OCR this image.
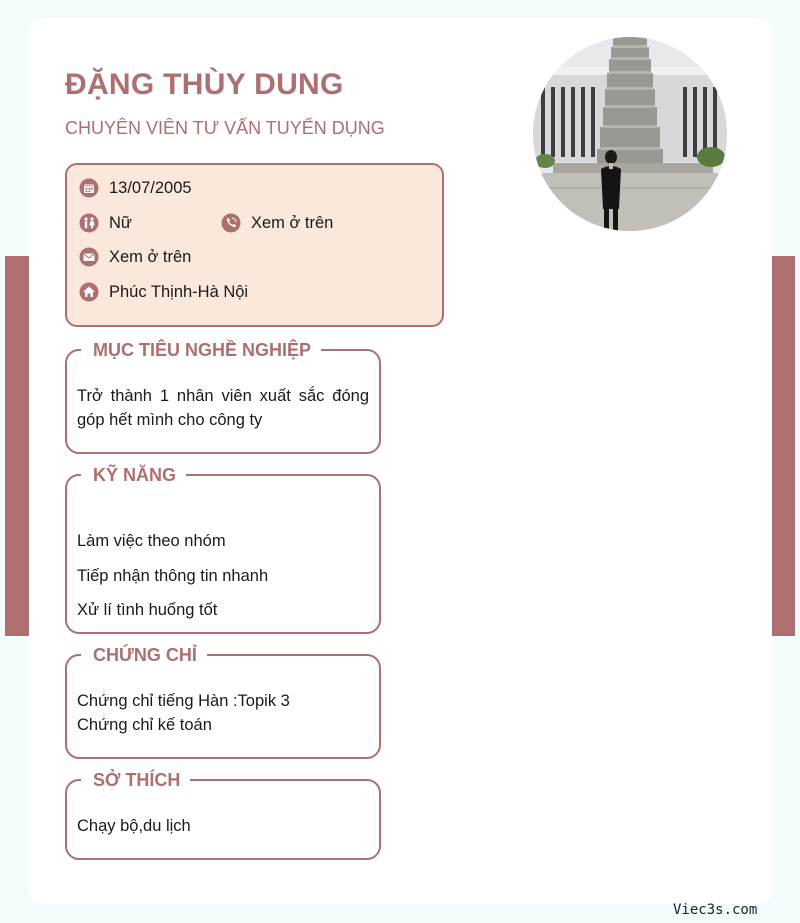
ĐẶNG THÙY DUNG

CHUYÊN VIÊN TƯ VẤN TUYỂN DỤNG

13/07/2005
Nữ	Xem ở trên
Xem ở trên
Phúc Thịnh-Hà Nội
MỤC TIÊU NGHỀ NGHIỆP
Trở thành 1 nhân viên xuất sắc đóng góp hết mình cho công ty
KỸ NĂNG
Làm việc theo nhóm
Tiếp nhận thông tin nhanh
Xử lí tình huống tốt
CHỨNG CHỈ
Chứng chỉ tiếng Hàn :Topik 3
Chứng chỉ kế toán
SỞ THÍCH
Chạy bộ,du lịch
Viec3s.com
